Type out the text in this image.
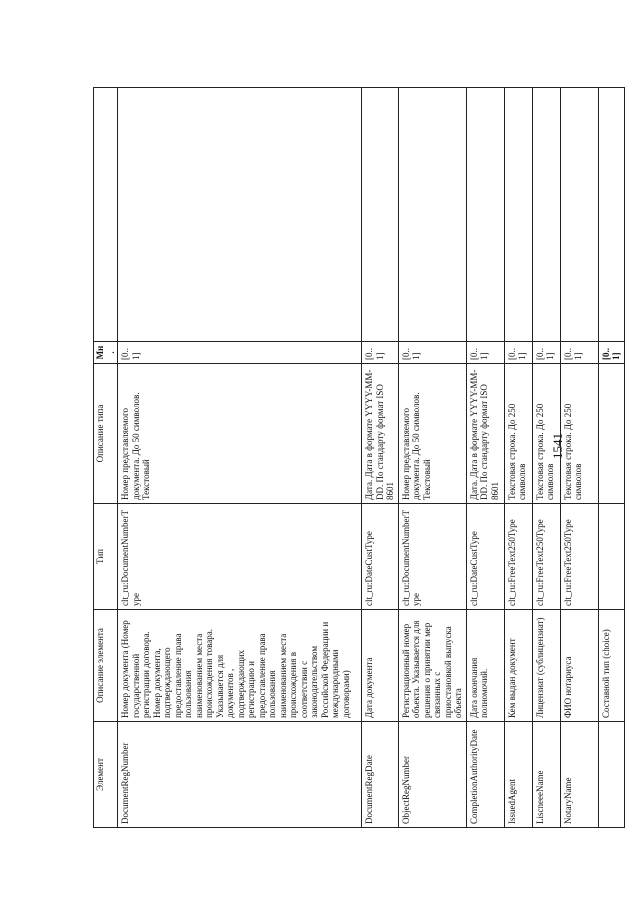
1541
Элемент	Описание элемента	Тип	Описание типа	Мн.	
DocumentRegNumber	Номер документа (Номер государственной регистрации договора. Номер документа, подтверждающего предоставление права пользования наименованием места происхождения товара. Указывается для документов , подтверждающих регистрацию и предоставление права пользования наименованием места происхождения в соответствии с законодательством Российской Федерации и международными договорами)	clt_ru:DocumentNumberType	Номер представляемого документа. До 50 символов. Текстовый	[0..1]	
DocumentRegDate	Дата документа	clt_ru:DateCustType	Дата. Дата в формате YYYY-MM-DD. По стандарту формат ISO 8601	[0..1]	
ObjectRegNumber	Регистрационный номер объекта. Указывается для решения о принятии мер связанных с приостановкой выпуска объекта	clt_ru:DocumentNumberType	Номер представляемого документа. До 50 символов. Текстовый	[0..1]	
CompletionAuthorityDate	Дата окончания полномочий.	clt_ru:DateCustType	Дата. Дата в формате YYYY-MM-DD. По стандарту формат ISO 8601	[0..1]	
IssuedAgent	Кем выдан документ	clt_ru:FreeText250Type	Текстовая строка. До 250 символов	[0..1]	
LiscneeeName	Лицензиат (сублицензиат)	clt_ru:FreeText250Type	Текстовая строка. До 250 символов	[0..1]	
NotaryName	ФИО нотариуса	clt_ru:FreeText250Type	Текстовая строка. До 250 символов	[0..1]	
	Составной тип (choice)			[0..1]	
